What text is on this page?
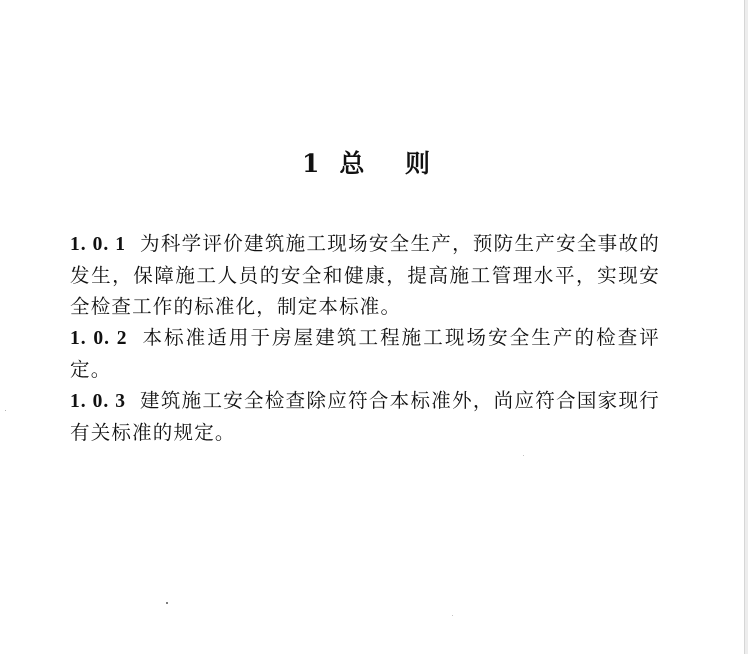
1 总 则

1. 0. 1 为科学评价建筑施工现场安全生产，预防生产安全事故的发生，保障施工人员的安全和健康，提高施工管理水平，实现安全检查工作的标准化，制定本标准。

1. 0. 2 本标准适用于房屋建筑工程施工现场安全生产的检查评定。

1. 0. 3 建筑施工安全检查除应符合本标准外，尚应符合国家现行有关标准的规定。
